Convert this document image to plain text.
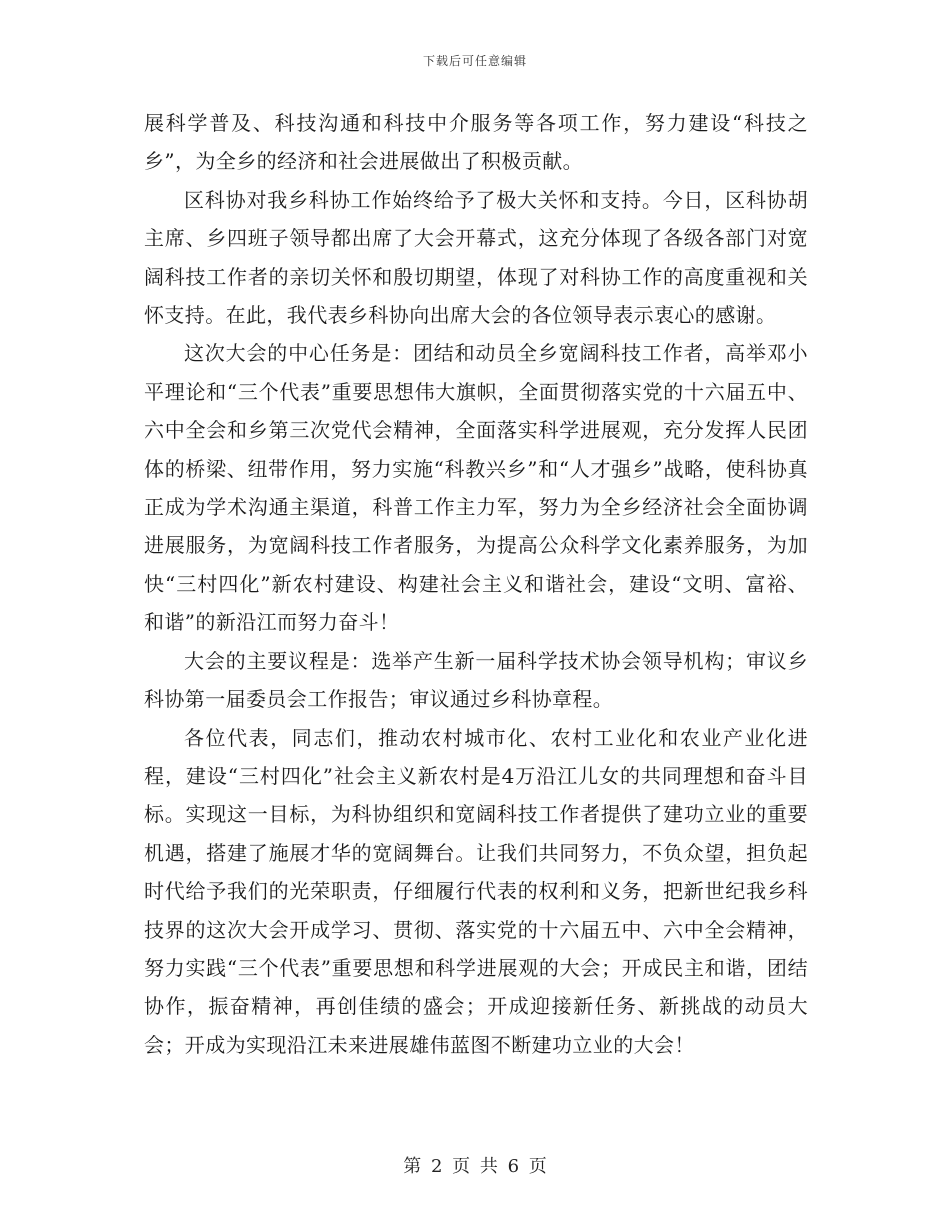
下载后可任意编辑

展科学普及、科技沟通和科技中介服务等各项工作，努力建设“科技之乡”，为全乡的经济和社会进展做出了积极贡献。

区科协对我乡科协工作始终给予了极大关怀和支持。今日，区科协胡主席、乡四班子领导都出席了大会开幕式，这充分体现了各级各部门对宽阔科技工作者的亲切关怀和殷切期望，体现了对科协工作的高度重视和关怀支持。在此，我代表乡科协向出席大会的各位领导表示衷心的感谢。

这次大会的中心任务是：团结和动员全乡宽阔科技工作者，高举邓小平理论和“三个代表”重要思想伟大旗帜，全面贯彻落实党的十六届五中、六中全会和乡第三次党代会精神，全面落实科学进展观，充分发挥人民团体的桥梁、纽带作用，努力实施“科教兴乡”和“人才强乡”战略，使科协真正成为学术沟通主渠道，科普工作主力军，努力为全乡经济社会全面协调进展服务，为宽阔科技工作者服务，为提高公众科学文化素养服务，为加快“三村四化”新农村建设、构建社会主义和谐社会，建设“文明、富裕、和谐”的新沿江而努力奋斗！

大会的主要议程是：选举产生新一届科学技术协会领导机构；审议乡科协第一届委员会工作报告；审议通过乡科协章程。

各位代表，同志们，推动农村城市化、农村工业化和农业产业化进程，建设“三村四化”社会主义新农村是4万沿江儿女的共同理想和奋斗目标。实现这一目标，为科协组织和宽阔科技工作者提供了建功立业的重要机遇，搭建了施展才华的宽阔舞台。让我们共同努力，不负众望，担负起时代给予我们的光荣职责，仔细履行代表的权利和义务，把新世纪我乡科技界的这次大会开成学习、贯彻、落实党的十六届五中、六中全会精神，努力实践“三个代表”重要思想和科学进展观的大会；开成民主和谐，团结协作，振奋精神，再创佳绩的盛会；开成迎接新任务、新挑战的动员大会；开成为实现沿江未来进展雄伟蓝图不断建功立业的大会！

第 2 页 共 6 页
